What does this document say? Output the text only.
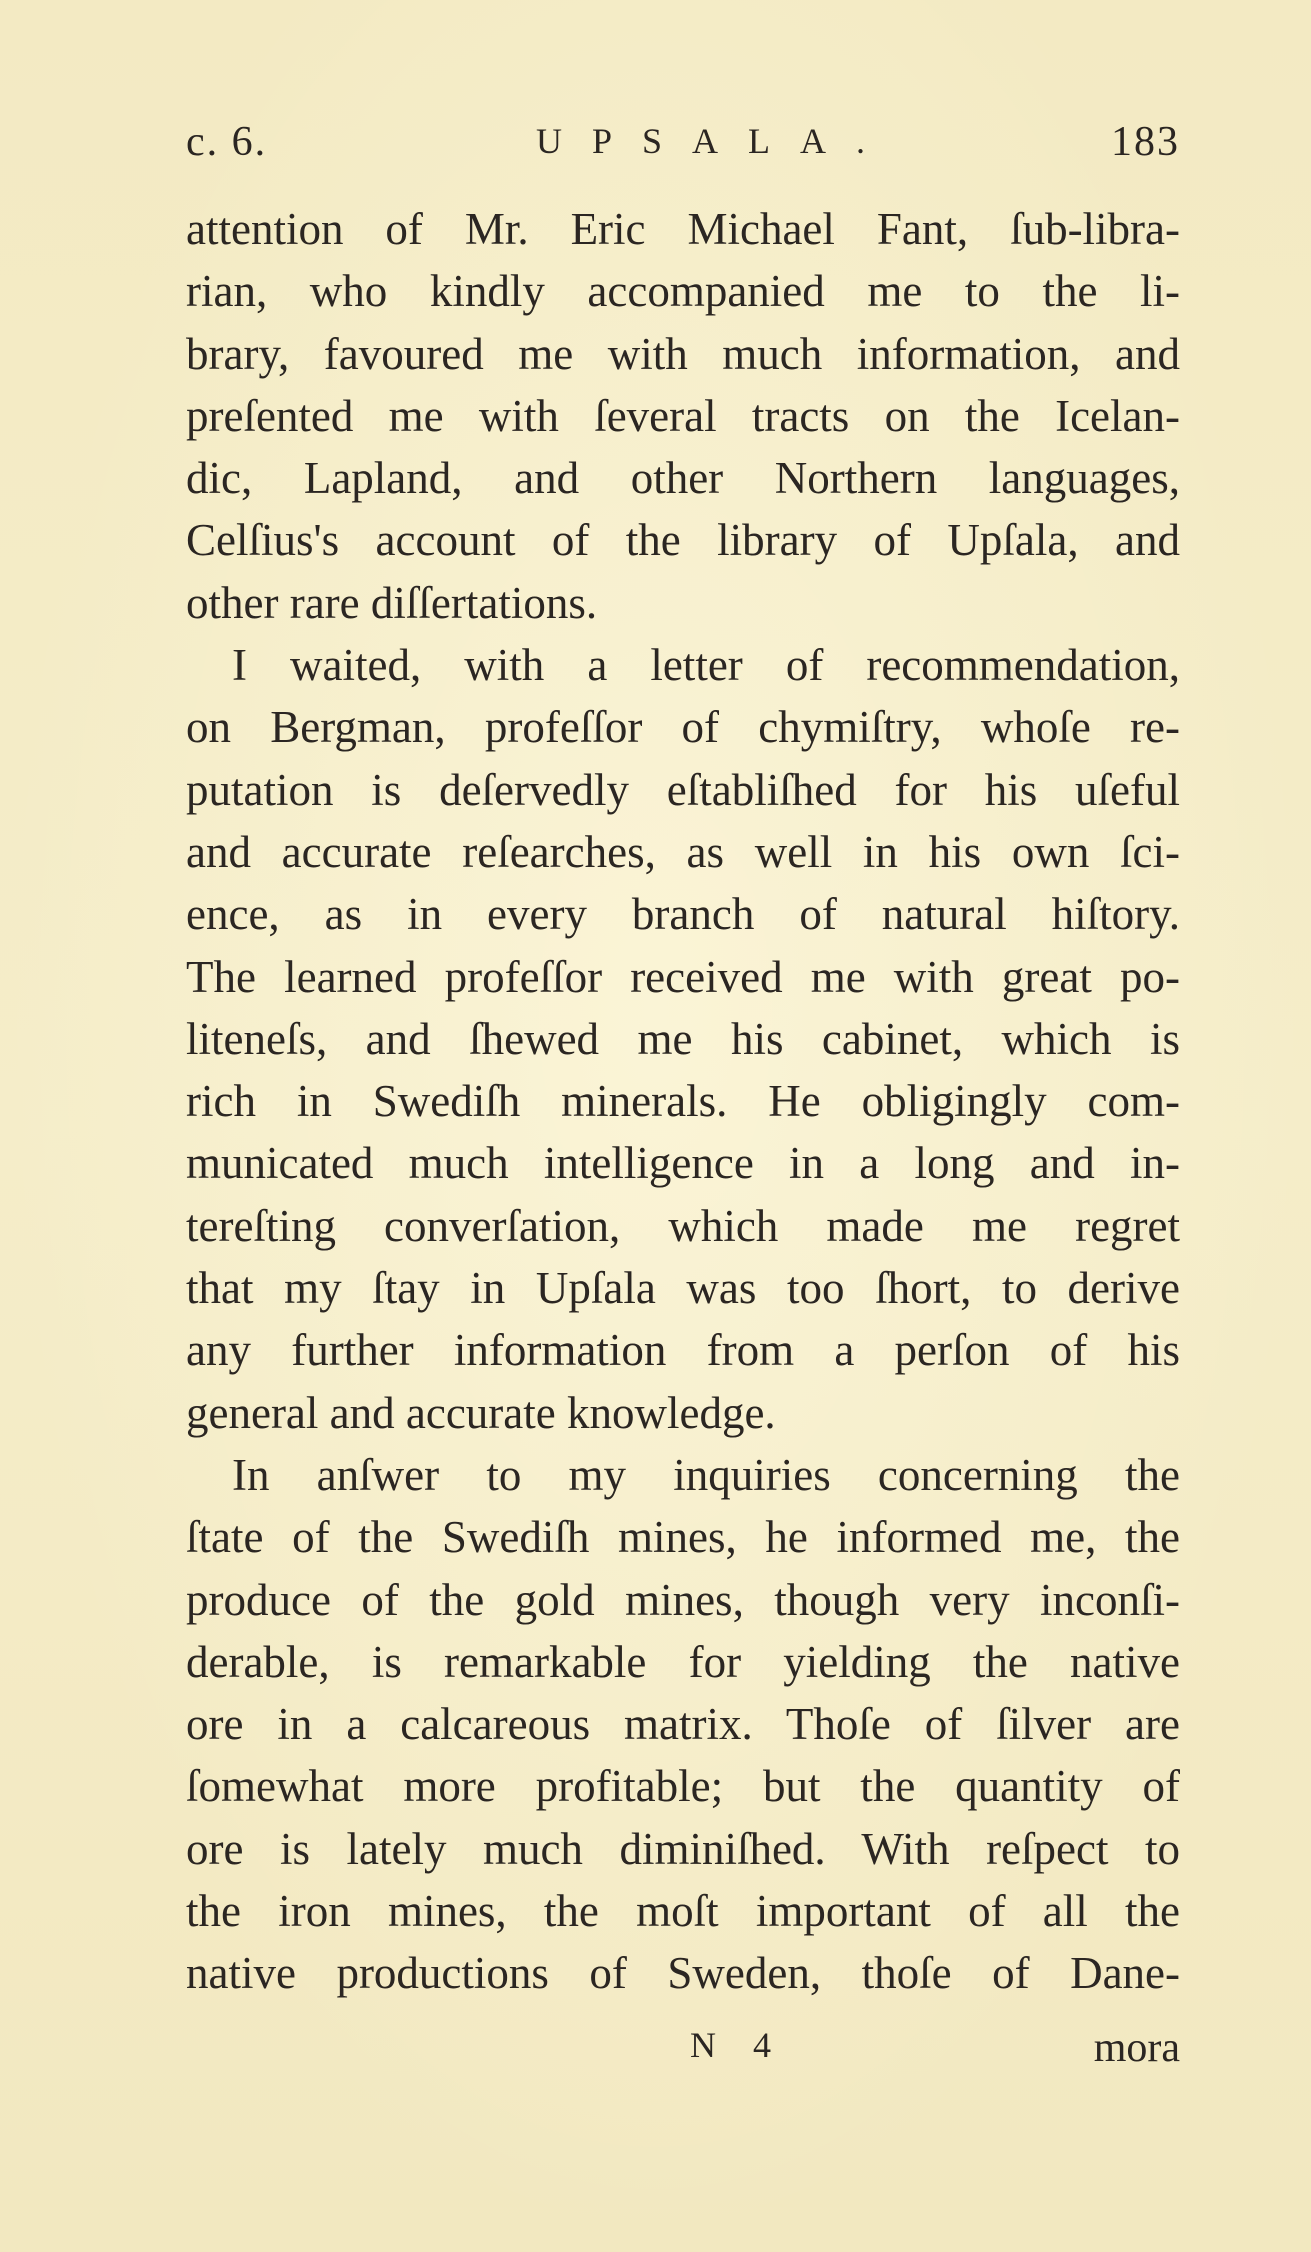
c. 6.	UPSALA.	183
attention of Mr. Eric Michael Fant, ſub-libra-
rian, who kindly accompanied me to the li-
brary, favoured me with much information, and
preſented me with ſeveral tracts on the Icelan-
dic, Lapland, and other Northern languages,
Celſius's account of the library of Upſala, and
other rare diſſertations.
I waited, with a letter of recommendation,
on Bergman, profeſſor of chymiſtry, whoſe re-
putation is deſervedly eſtabliſhed for his uſeful
and accurate reſearches, as well in his own ſci-
ence, as in every branch of natural hiſtory.
The learned profeſſor received me with great po-
liteneſs, and ſhewed me his cabinet, which is
rich in Swediſh minerals. He obligingly com-
municated much intelligence in a long and in-
tereſting converſation, which made me regret
that my ſtay in Upſala was too ſhort, to derive
any further information from a perſon of his
general and accurate knowledge.
In anſwer to my inquiries concerning the
ſtate of the Swediſh mines, he informed me, the
produce of the gold mines, though very inconſi-
derable, is remarkable for yielding the native
ore in a calcareous matrix. Thoſe of ſilver are
ſomewhat more profitable; but the quantity of
ore is lately much diminiſhed. With reſpect to
the iron mines, the moſt important of all the
native productions of Sweden, thoſe of Dane-
N 4	mora
